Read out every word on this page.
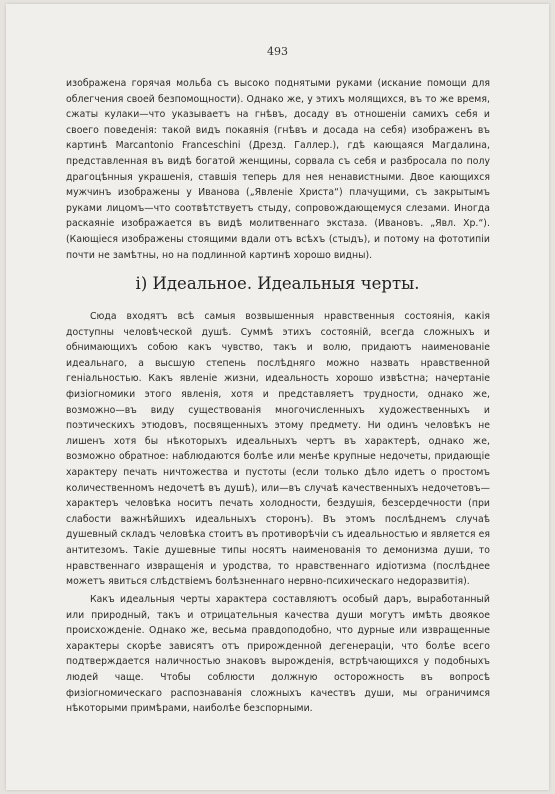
493
изображена горячая мольба съ высоко поднятыми руками (искание помощи для облегчения своей безпомощности). Однако же, у этихъ молящихся, въ то же время, сжаты кулаки—что указываетъ на гнѣвъ, досаду въ отношеніи самихъ себя и своего поведенія: такой видъ покаянія (гнѣвъ и досада на себя) изображенъ въ картинѣ Marcantonio Franceschini (Дрезд. Галлер.), гдѣ кающаяся Магдалина, представленная въ видѣ богатой женщины, сорвала съ себя и разбросала по полу драгоцѣнныя украшенія, ставшія теперь для нея ненавистными. Двое кающихся мужчинъ изображены у Иванова („Явленіе Христа“) плачущими, съ закрытымъ руками лицомъ—что соотвѣтствуетъ стыду, сопровождающемуся слезами. Иногда раскаяніе изображается въ видѣ молитвеннаго экстаза. (Ивановъ. „Явл. Хр.“). (Кающіеся изображены стоящими вдали отъ всѣхъ (стыдъ), и потому на фототипіи почти не замѣтны, но на подлинной картинѣ хорошо видны).
і) Идеальное. Идеальныя черты.
Сюда входятъ всѣ самыя возвышенныя нравственныя состоянія, какія доступны человѣческой душѣ. Суммѣ этихъ состояній, всегда сложныхъ и обнимающихъ собою какъ чувство, такъ и волю, придаютъ наименованіе идеальнаго, а высшую степень послѣдняго можно назвать нравственной геніальностью. Какъ явленіе жизни, идеальность хорошо извѣстна; начертаніе физіогномики этого явленія, хотя и представляетъ трудности, однако же, возможно—въ виду существованія многочисленныхъ художественныхъ и поэтическихъ этюдовъ, посвященныхъ этому предмету. Ни одинъ человѣкъ не лишенъ хотя бы нѣкоторыхъ идеальныхъ чертъ въ характерѣ, однако же, возможно обратное: наблюдаются болѣе или менѣе крупные недочеты, придающіе характеру печать ничтожества и пустоты (если только дѣло идетъ о простомъ количественномъ недочетѣ въ душѣ), или—въ случаѣ качественныхъ недочетовъ—характеръ человѣка носитъ печать холодности, бездушія, безсердечности (при слабости важнѣйшихъ идеальныхъ сторонъ). Въ этомъ послѣднемъ случаѣ душевный складъ человѣка стоитъ въ противорѣчіи съ идеальностью и является ея антитезомъ. Такіе душевные типы носятъ наименованія то демонизма души, то нравственнаго извращенія и уродства, то нравственнаго идіотизма (послѣднее можетъ явиться слѣдствіемъ болѣзненнаго нервно-психическаго недоразвитія).
Какъ идеальныя черты характера составляютъ особый даръ, выработанный или природный, такъ и отрицательныя качества души могутъ имѣть двоякое происхожденіе. Однако же, весьма правдоподобно, что дурные или извращенные характеры скорѣе зависятъ отъ прирожденной дегенераціи, что болѣе всего подтверждается наличностью знаковъ вырожденія, встрѣчающихся у подобныхъ людей чаще. Чтобы соблюсти должную осторожность въ вопросѣ физіогномическаго распознаванія сложныхъ качествъ души, мы ограничимся нѣкоторыми примѣрами, наиболѣе безспорными.
